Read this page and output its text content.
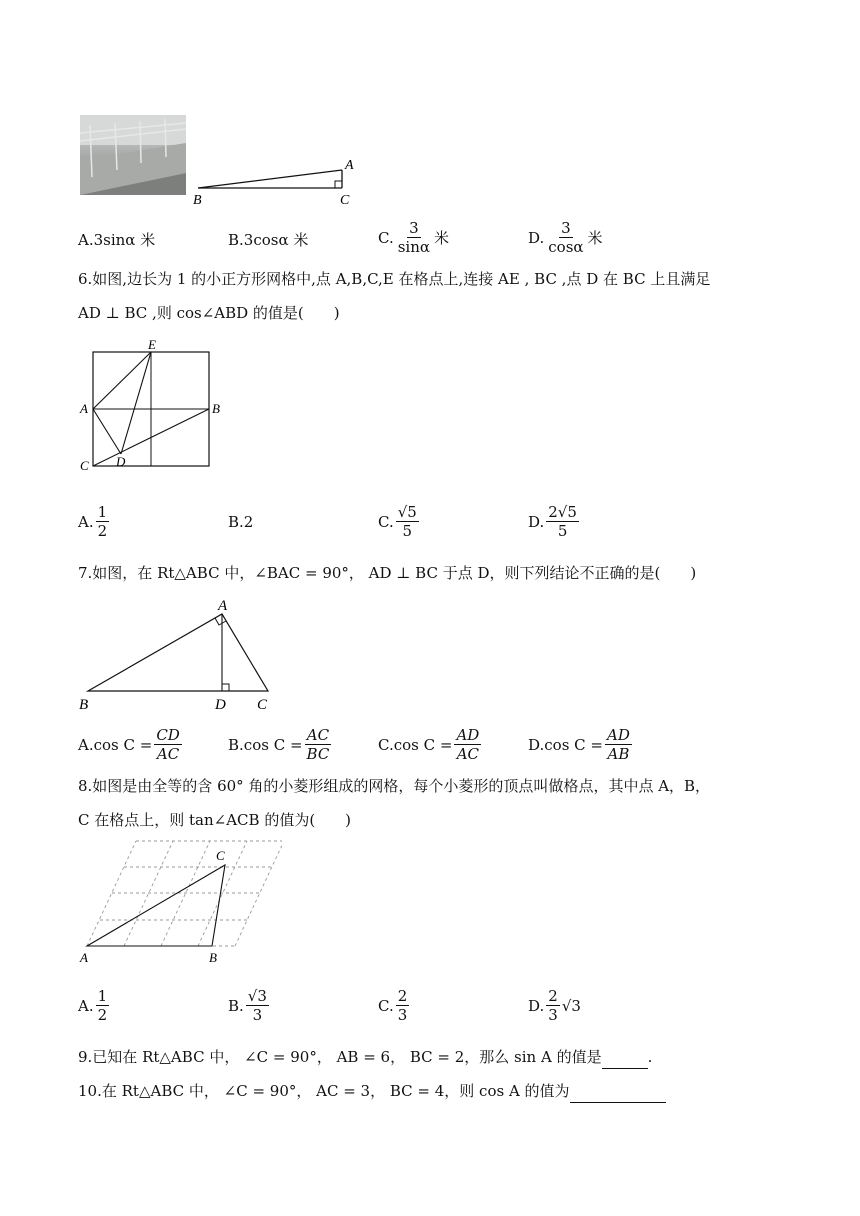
A
B	C
A. 3sinα 米	B. 3cosα 米	C. $\frac{3}{\sin\alpha}$ 米	D. $\frac{3}{\cos\alpha}$ 米
6.如图,边长为 1 的小正方形网格中,点 A,B,C,E 在格点上,连接 AE , BC ,点 D 在 BC 上且满足
AD ⊥ BC ,则 cos∠ABD 的值是(　　)
E
A	B
C D
A. $\frac{1}{2}$	B. 2	C. $\frac{√5}{5}$	D. $\frac{2√5}{5}$
7.如图，在 Rt△ABC 中，∠BAC = 90°， AD ⊥ BC 于点 D，则下列结论不正确的是(　　)
A
B	D C
A. $\cos C = \frac{CD}{AC}$	B. $\cos C = \frac{AC}{BC}$	C. $\cos C = \frac{AD}{AC}$	D. $\cos C = \frac{AD}{AB}$
8.如图是由全等的含 60° 角的小菱形组成的网格，每个小菱形的顶点叫做格点，其中点 A，B，
C 在格点上，则 tan∠ACB 的值为(　　)
C
A	B
A. $\frac{1}{2}$	B. $\frac{√3}{3}$	C. $\frac{2}{3}$	D. $\frac{2}{3} √3$
9.已知在 Rt△ABC 中， ∠C = 90°， AB = 6， BC = 2，那么 sin A 的值是	.
10.在 Rt△ABC 中， ∠C = 90°， AC = 3， BC = 4，则 cos A 的值为
